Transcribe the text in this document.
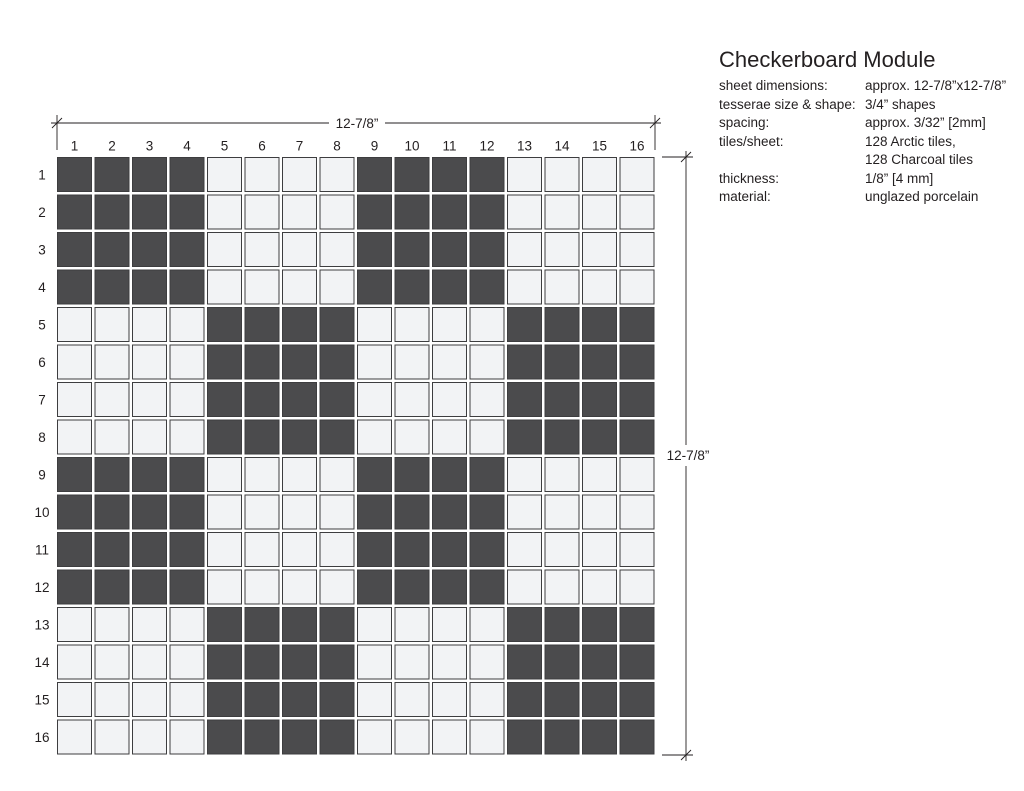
12-7/8”
12-7/8”
1 2 3 4 5 6 7 8 9 10 11 12 13 14 15 16
1
2
3
4
5
6
7
8
9
10
11
12
13
14
15
16
Checkerboard Module
sheet dimensions:	approx. 12-7/8”x12-7/8”
tesserae size & shape: 3/4” shapes
spacing:	approx. 3/32” [2mm]
tiles/sheet:	128 Arctic tiles,
128 Charcoal tiles
thickness:	1/8” [4 mm]
material:	unglazed porcelain
